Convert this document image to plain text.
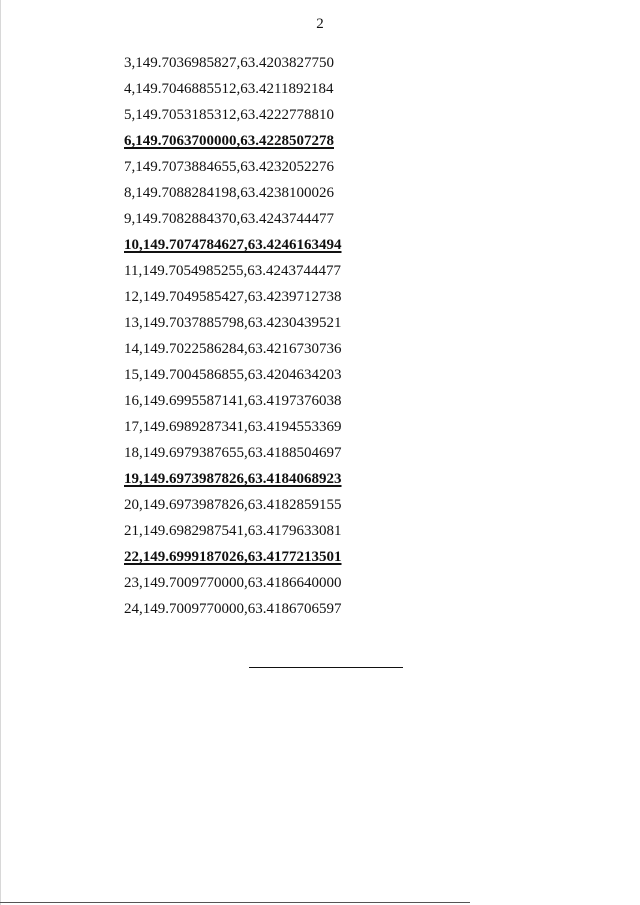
2
3,149.7036985827,63.4203827750
4,149.7046885512,63.4211892184
5,149.7053185312,63.4222778810
6,149.7063700000,63.4228507278
7,149.7073884655,63.4232052276
8,149.7088284198,63.4238100026
9,149.7082884370,63.4243744477
10,149.7074784627,63.4246163494
11,149.7054985255,63.4243744477
12,149.7049585427,63.4239712738
13,149.7037885798,63.4230439521
14,149.7022586284,63.4216730736
15,149.7004586855,63.4204634203
16,149.6995587141,63.4197376038
17,149.6989287341,63.4194553369
18,149.6979387655,63.4188504697
19,149.6973987826,63.4184068923
20,149.6973987826,63.4182859155
21,149.6982987541,63.4179633081
22,149.6999187026,63.4177213501
23,149.7009770000,63.4186640000
24,149.7009770000,63.4186706597
